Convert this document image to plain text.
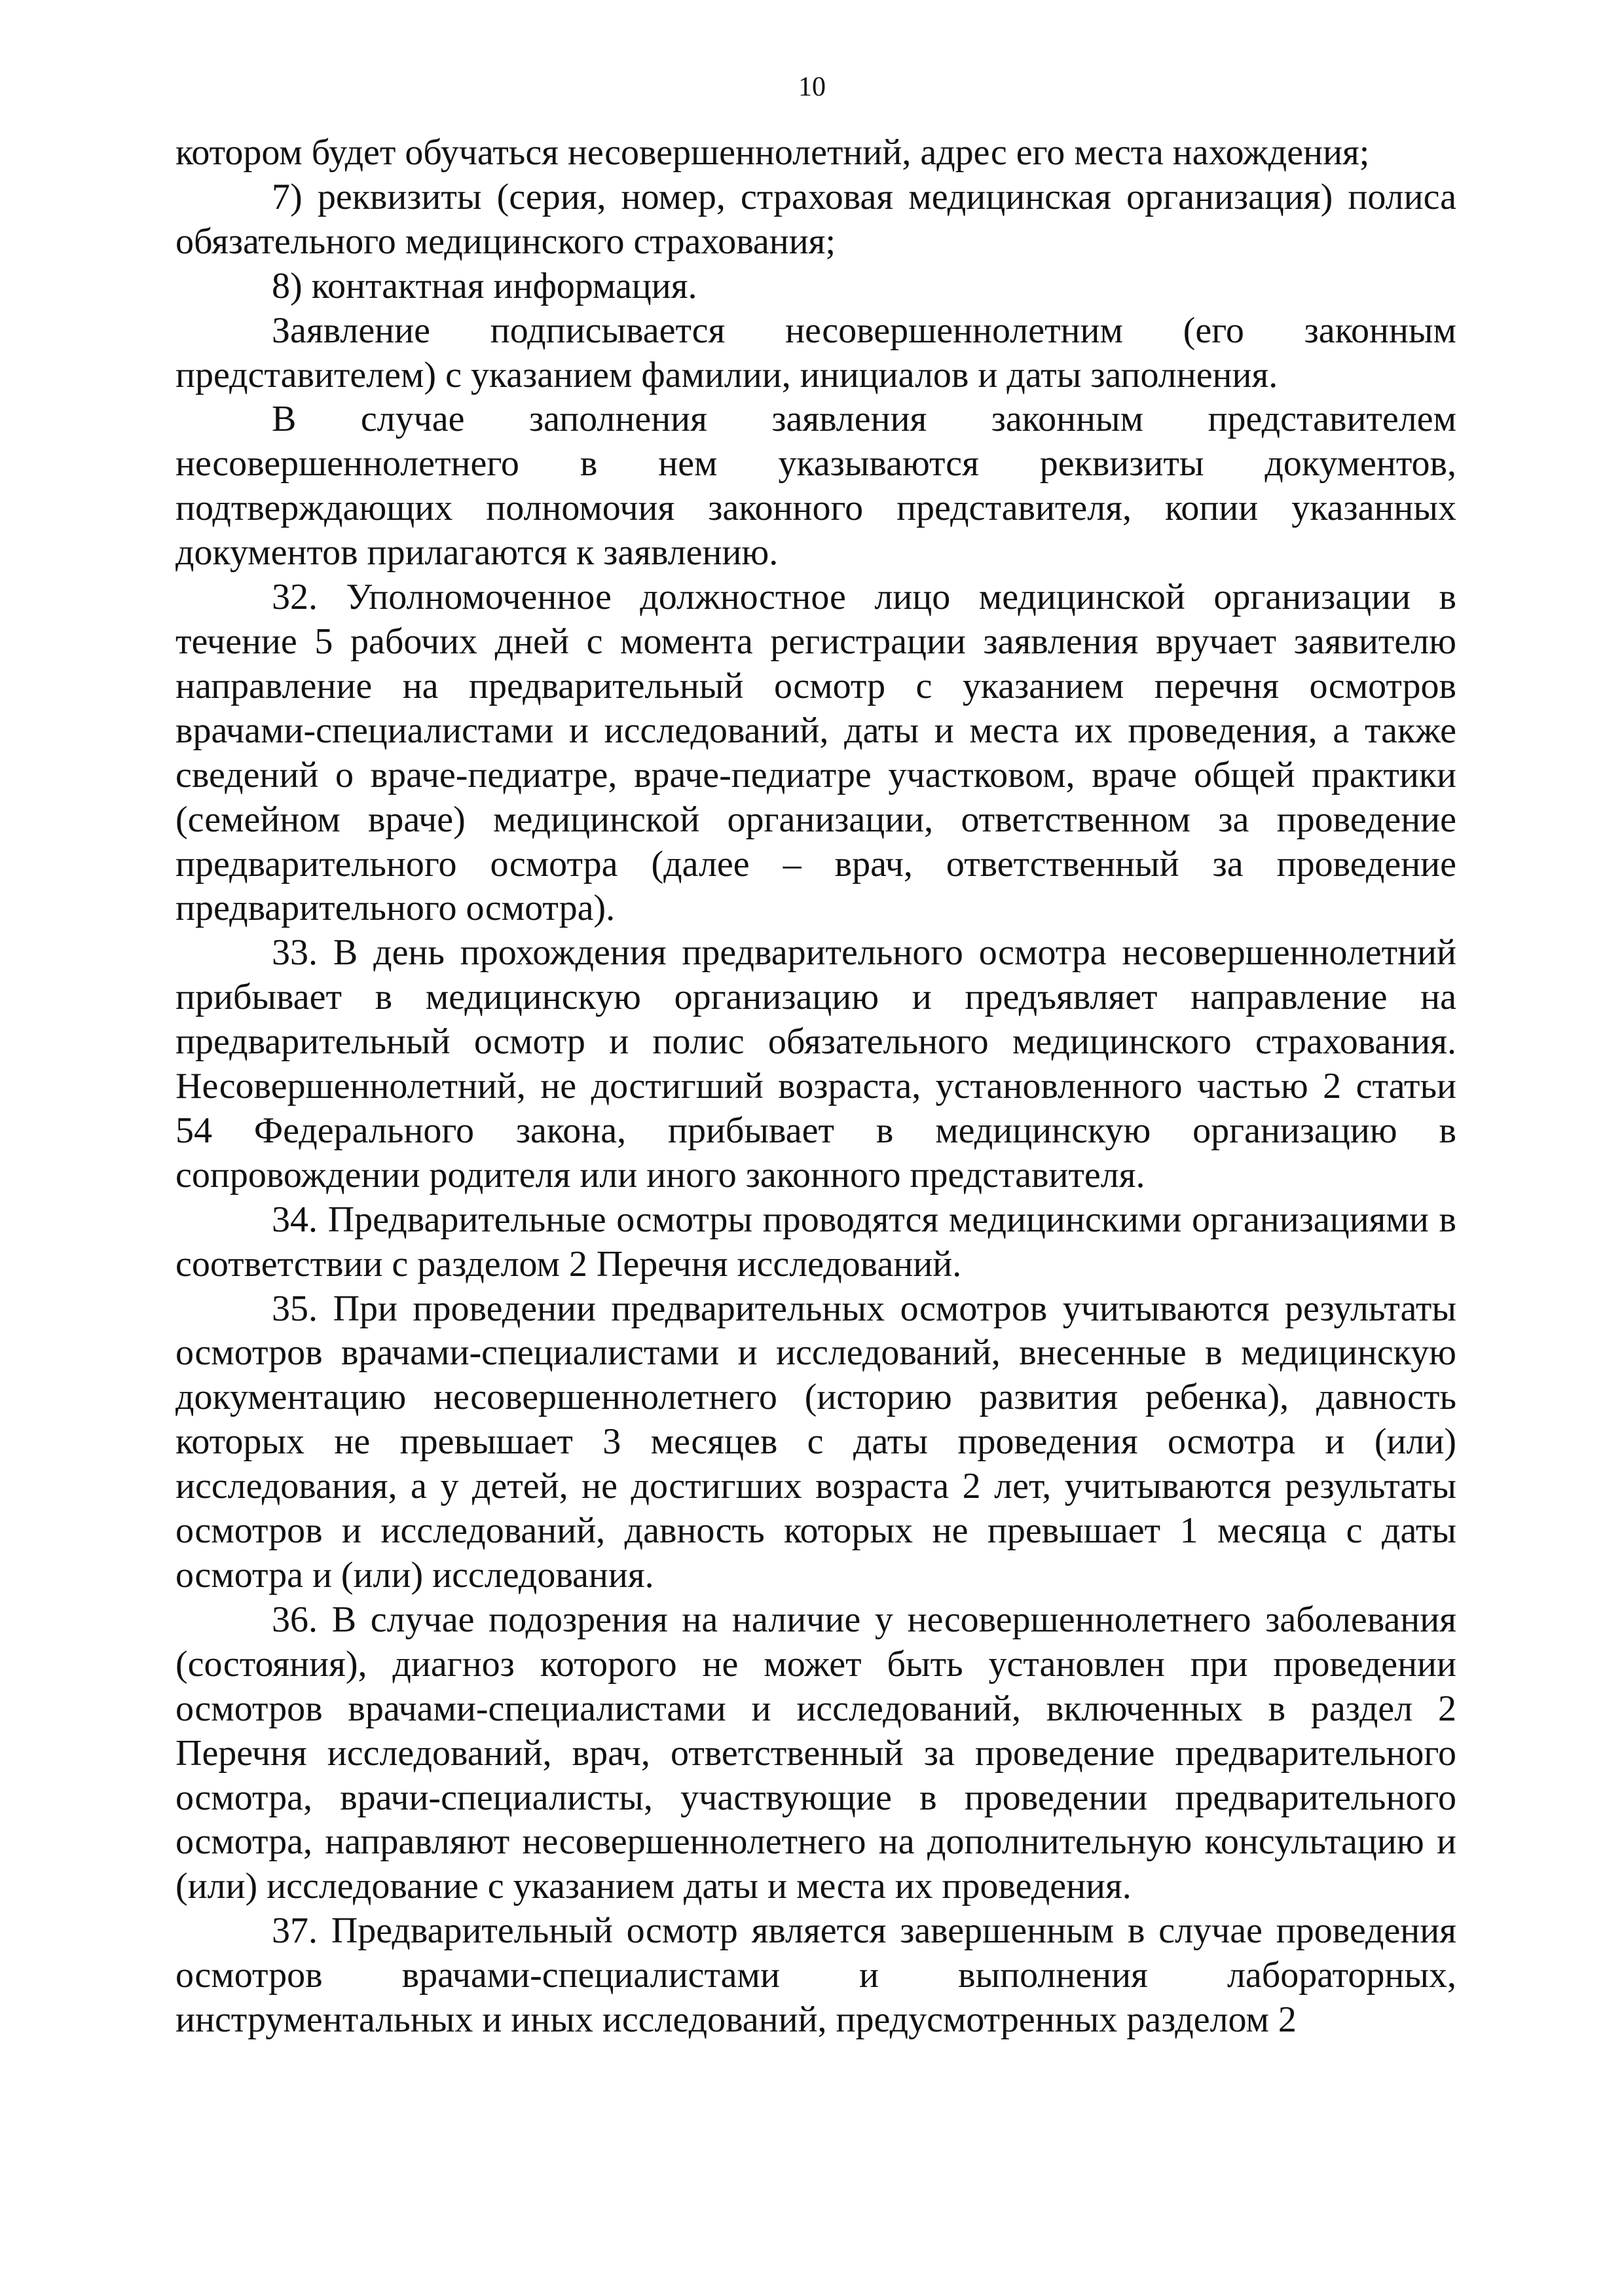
10

котором будет обучаться несовершеннолетний, адрес его места нахождения;

7) реквизиты (серия, номер, страховая медицинская организация) полиса обязательного медицинского страхования;

8) контактная информация.

Заявление подписывается несовершеннолетним (его законным представителем) с указанием фамилии, инициалов и даты заполнения.

В случае заполнения заявления законным представителем несовершеннолетнего в нем указываются реквизиты документов, подтверждающих полномочия законного представителя, копии указанных документов прилагаются к заявлению.

32. Уполномоченное должностное лицо медицинской организации в течение 5 рабочих дней с момента регистрации заявления вручает заявителю направление на предварительный осмотр с указанием перечня осмотров врачами-специалистами и исследований, даты и места их проведения, а также сведений о враче-педиатре, враче-педиатре участковом, враче общей практики (семейном враче) медицинской организации, ответственном за проведение предварительного осмотра (далее – врач, ответственный за проведение предварительного осмотра).

33. В день прохождения предварительного осмотра несовершеннолетний прибывает в медицинскую организацию и предъявляет направление на предварительный осмотр и полис обязательного медицинского страхования. Несовершеннолетний, не достигший возраста, установленного частью 2 статьи 54 Федерального закона, прибывает в медицинскую организацию в сопровождении родителя или иного законного представителя.

34. Предварительные осмотры проводятся медицинскими организациями в соответствии с разделом 2 Перечня исследований.

35. При проведении предварительных осмотров учитываются результаты осмотров врачами-специалистами и исследований, внесенные в медицинскую документацию несовершеннолетнего (историю развития ребенка), давность которых не превышает 3 месяцев с даты проведения осмотра и (или) исследования, а у детей, не достигших возраста 2 лет, учитываются результаты осмотров и исследований, давность которых не превышает 1 месяца с даты осмотра и (или) исследования.

36. В случае подозрения на наличие у несовершеннолетнего заболевания (состояния), диагноз которого не может быть установлен при проведении осмотров врачами-специалистами и исследований, включенных в раздел 2 Перечня исследований, врач, ответственный за проведение предварительного осмотра, врачи-специалисты, участвующие в проведении предварительного осмотра, направляют несовершеннолетнего на дополнительную консультацию и (или) исследование с указанием даты и места их проведения.

37. Предварительный осмотр является завершенным в случае проведения осмотров врачами-специалистами и выполнения лабораторных, инструментальных и иных исследований, предусмотренных разделом 2
